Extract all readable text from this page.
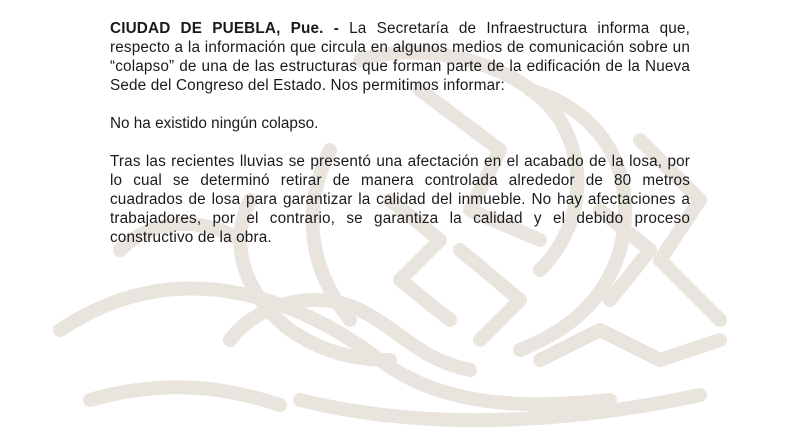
CIUDAD DE PUEBLA, Pue. - La Secretaría de Infraestructura informa que, respecto a la información que circula en algunos medios de comunicación sobre un “colapso” de una de las estructuras que forman parte de la edificación de la Nueva Sede del Congreso del Estado. Nos permitimos informar:

No ha existido ningún colapso.

Tras las recientes lluvias se presentó una afectación en el acabado de la losa, por lo cual se determinó retirar de manera controlada alrededor de 80 metros cuadrados de losa para garantizar la calidad del inmueble. No hay afectaciones a trabajadores, por el contrario, se garantiza la calidad y el debido proceso constructivo de la obra.
